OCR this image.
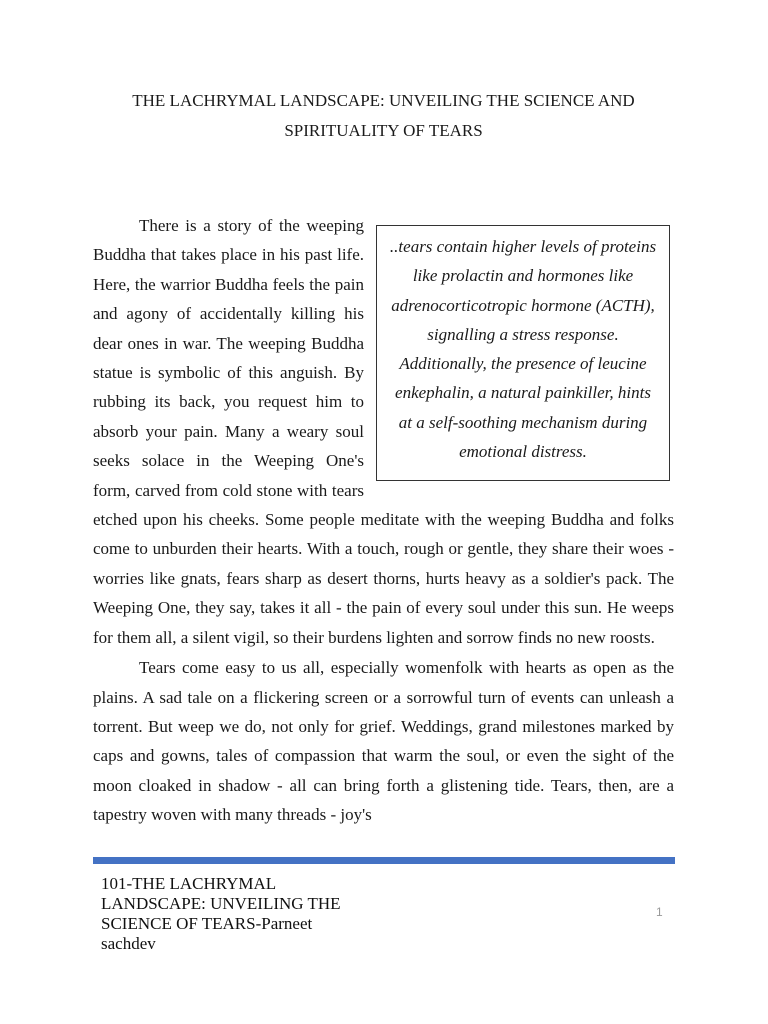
THE LACHRYMAL LANDSCAPE: UNVEILING THE SCIENCE AND SPIRITUALITY OF TEARS
..tears contain higher levels of proteins like prolactin and hormones like adrenocorticotropic hormone (ACTH), signalling a stress response. Additionally, the presence of leucine enkephalin, a natural painkiller, hints at a self-soothing mechanism during emotional distress.

There is a story of the weeping Buddha that takes place in his past life. Here, the warrior Buddha feels the pain and agony of accidentally killing his dear ones in war. The weeping Buddha statue is symbolic of this anguish. By rubbing its back, you request him to absorb your pain. Many a weary soul seeks solace in the Weeping One's form, carved from cold stone with tears etched upon his cheeks. Some people meditate with the weeping Buddha and folks come to unburden their hearts. With a touch, rough or gentle, they share their woes - worries like gnats, fears sharp as desert thorns, hurts heavy as a soldier's pack. The Weeping One, they say, takes it all - the pain of every soul under this sun. He weeps for them all, a silent vigil, so their burdens lighten and sorrow finds no new roosts.

Tears come easy to us all, especially womenfolk with hearts as open as the plains. A sad tale on a flickering screen or a sorrowful turn of events can unleash a torrent. But weep we do, not only for grief. Weddings, grand milestones marked by caps and gowns, tales of compassion that warm the soul, or even the sight of the moon cloaked in shadow - all can bring forth a glistening tide. Tears, then, are a tapestry woven with many threads - joy's

101-THE LACHRYMAL LANDSCAPE: UNVEILING THE SCIENCE OF TEARS-Parneet sachdev
1
